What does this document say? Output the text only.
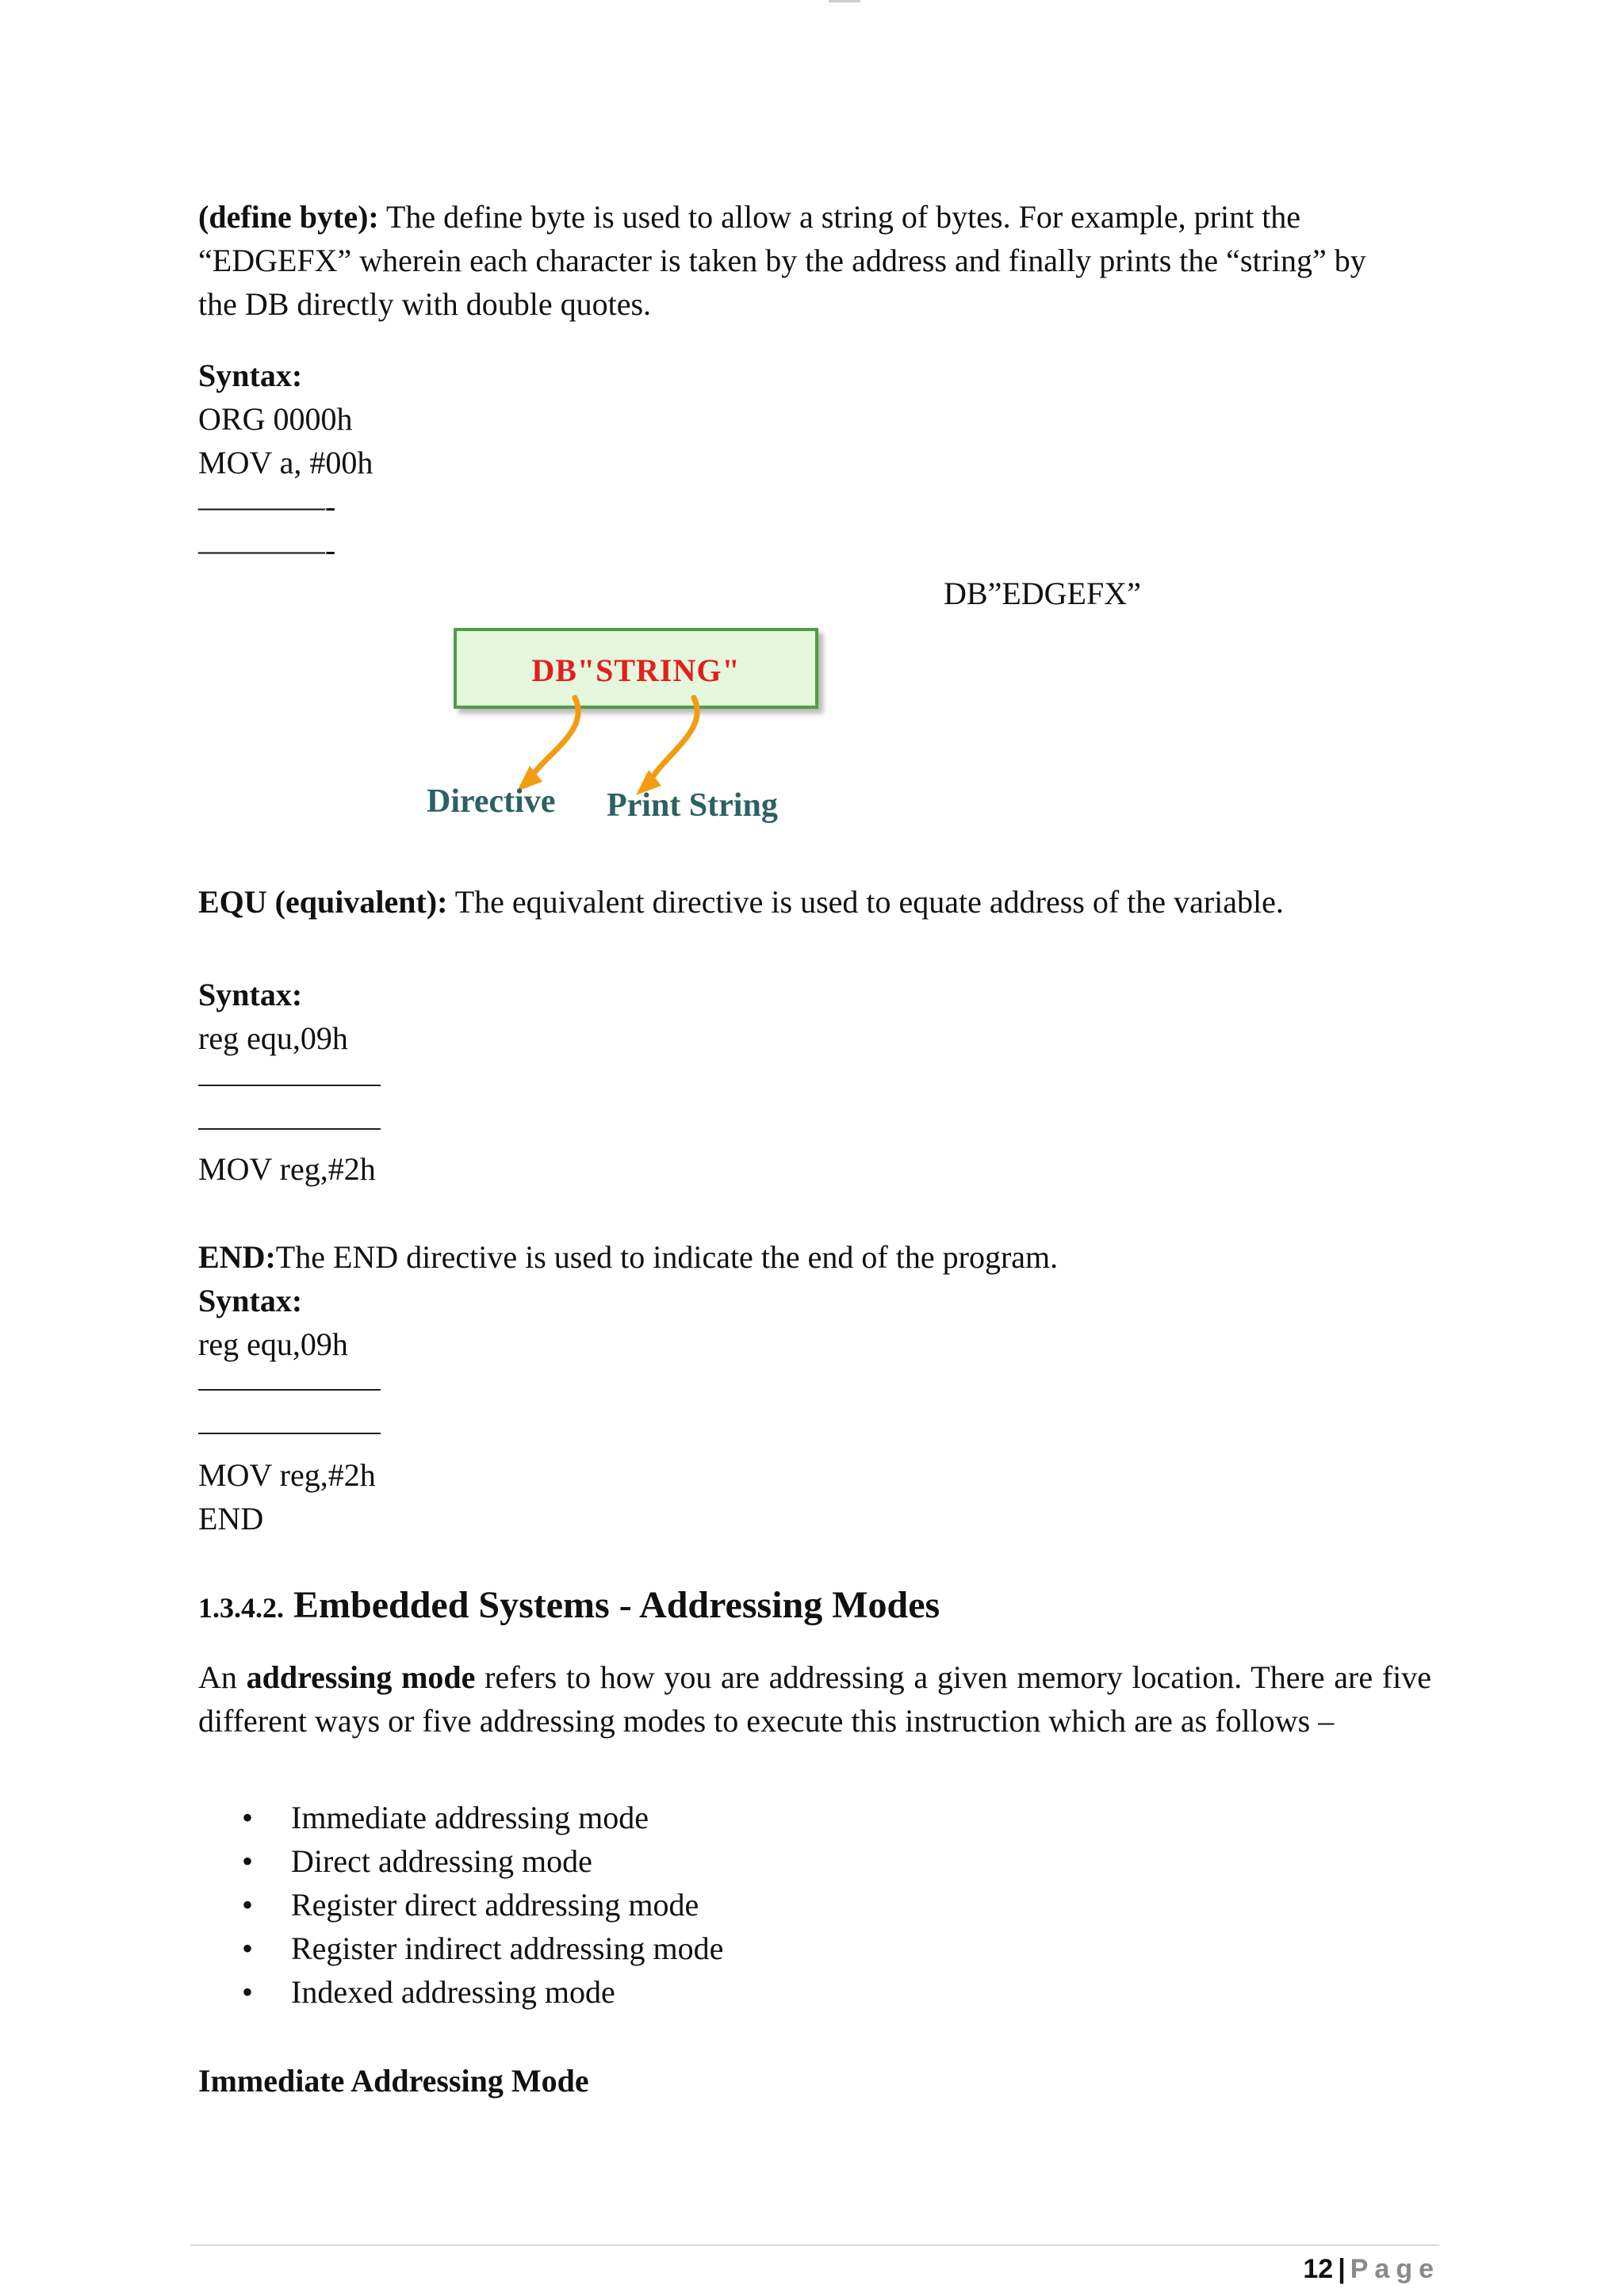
(define byte): The define byte is used to allow a string of bytes. For example, print the
“EDGEFX” wherein each character is taken by the address and finally prints the “string” by
the DB directly with double quotes.
Syntax:
ORG 0000h
MOV a, #00h
————-
————-
DB”EDGEFX”
DB"STRING"
Directive Print String
EQU (equivalent): The equivalent directive is used to equate address of the variable.
Syntax:
reg equ,09h
MOV reg,#2h
END:The END directive is used to indicate the end of the program.
Syntax:
reg equ,09h
MOV reg,#2h
END
1.3.4.2. Embedded Systems - Addressing Modes
An addressing mode refers to how you are addressing a given memory location. There are five different ways or five addressing modes to execute this instruction which are as follows –
• Immediate addressing mode
• Direct addressing mode
• Register direct addressing mode
• Register indirect addressing mode
• Indexed addressing mode
Immediate Addressing Mode
12 | Page
